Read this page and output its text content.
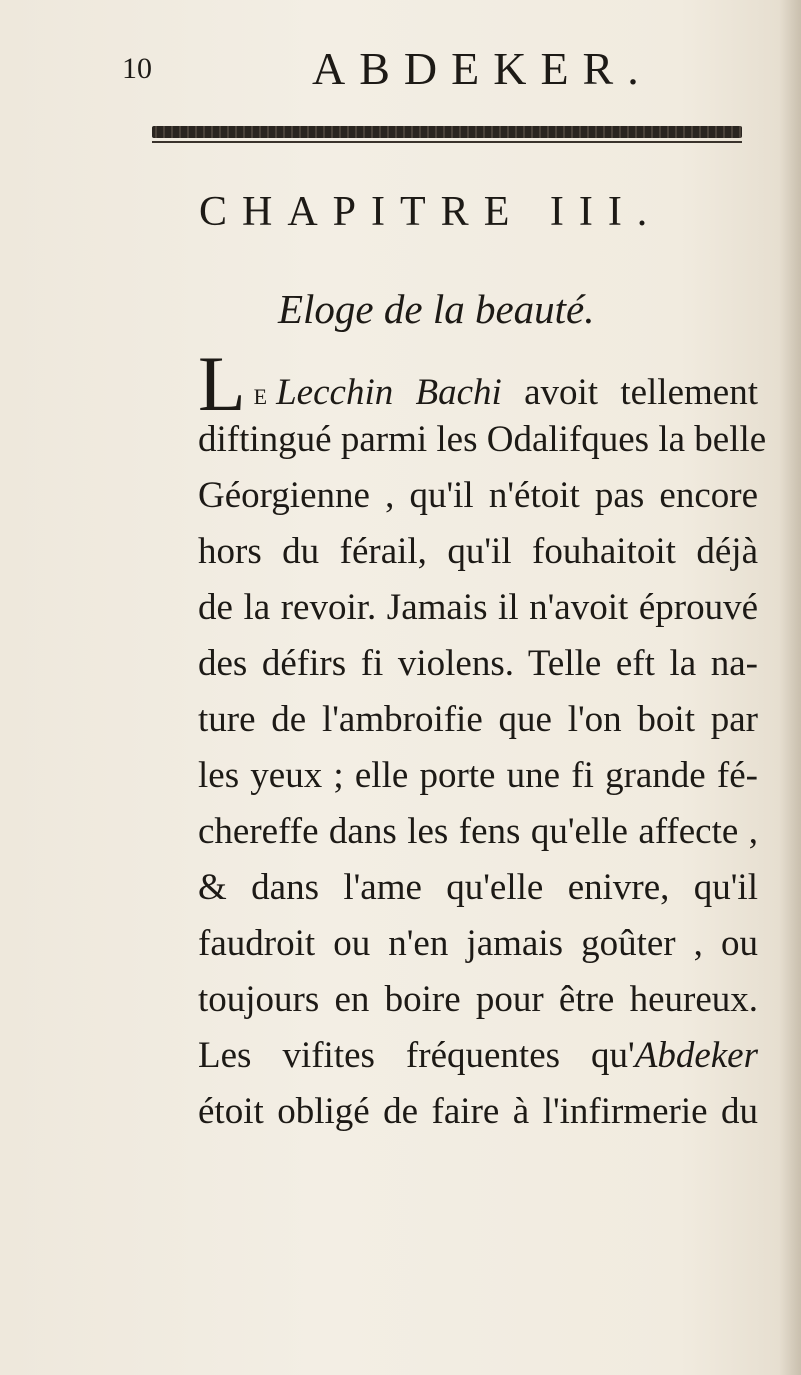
10	ABDEKER.
CHAPITRE III.
Eloge de la beauté.
L E Lecchin Bachi avoit tellement
diftingué parmi les Odalifques la belle
Géorgienne , qu'il n'étoit pas encore
hors du férail, qu'il fouhaitoit déjà
de la revoir. Jamais il n'avoit éprouvé
des défirs fi violens. Telle eft la na-
ture de l'ambroifie que l'on boit par
les yeux ; elle porte une fi grande fé-
chereffe dans les fens qu'elle affecte ,
& dans l'ame qu'elle enivre, qu'il
faudroit ou n'en jamais goûter , ou
toujours en boire pour être heureux.
Les vifites fréquentes qu'Abdeker
étoit obligé de faire à l'infirmerie du
